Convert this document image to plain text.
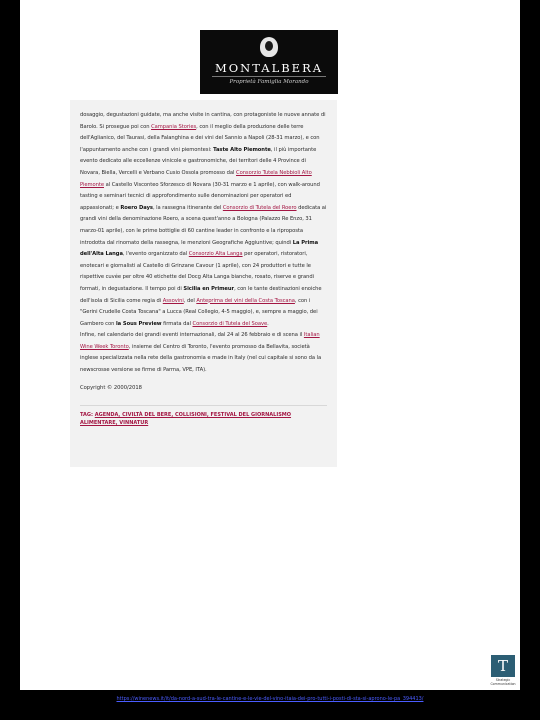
MONTALBERA
Proprietà Famiglia Morando

dosaggio, degustazioni guidate, ma anche visite in cantina, con protagoniste le nuove annate di Barolo. Si prosegue poi con Campania Stories, con il meglio della produzione delle terre dell'Aglianico, del Taurasi, della Falanghina e dei vini del Sannio a Napoli (28-31 marzo), e con l'appuntamento anche con i grandi vini piemontesi: Taste Alto Piemonte, il più importante evento dedicato alle eccellenze vinicole e gastronomiche, dei territori delle 4 Province di Novara, Biella, Vercelli e Verbano Cusio Ossola promosso dal Consorzio Tutela Nebbioli Alto Piemonte al Castello Visconteo Sforzesco di Novara (30-31 marzo e 1 aprile), con walk-around tasting e seminari tecnici di approfondimento sulle denominazioni per operatori ed appassionati; e Roero Days, la rassegna itinerante del Consorzio di Tutela del Roero dedicata ai grandi vini della denominazione Roero, a scena quest'anno a Bologna (Palazzo Re Enzo, 31 marzo-01 aprile), con le prime bottiglie di 60 cantine leader in confronto e la riproposta introdotta dal rinomato della rassegna, le menzioni Geografiche Aggiuntive; quindi La Prima dell'Alta Langa, l'evento organizzato dal Consorzio Alta Langa per operatori, ristoratori, enotecari e giornalisti al Castello di Grinzane Cavour (1 aprile), con 24 produttori e tutte le rispettive cuvée per oltre 40 etichette del Docg Alta Langa bianche, rosato, riserve e grandi formati, in degustazione. Il tempo poi di Sicilia en Primeur, con le tante destinazioni enoiche dell'isola di Sicilia come regia di Assovini, del Anteprima dei vini della Costa Toscana, con i "Gerini Crudelle Costa Toscana" a Lucca (Real Collegio, 4-5 maggio), e, sempre a maggio, dei Gambero con la Sous Preview firmata dal Consorzio di Tutela del Soave.
Infine, nel calendario dei grandi eventi internazionali, dal 24 al 26 febbraio e di scena il Italian Wine Week Toronto, insieme del Centro di Toronto, l'evento promosso da Bellavita, società inglese specializzata nella rete della gastronomia e made in Italy (nel cui capitale si sono da la newscrosse versione se firme di Parma, VPE, ITA).

Copyright © 2000/2018
TAG: AGENDA, CIVILTÀ DEL BERE, COLLISIONI, FESTIVAL DEL GIORNALISMO ALIMENTARE, VINNATUR
T
Strategic
Communication
https://winenews.it/it/da-nord-a-sud-tra-le-cantine-e-le-vie-del-vino-itaia-dei-pro-tutti-i-posti-di-sta-si-aprono-le-pa_394413/
